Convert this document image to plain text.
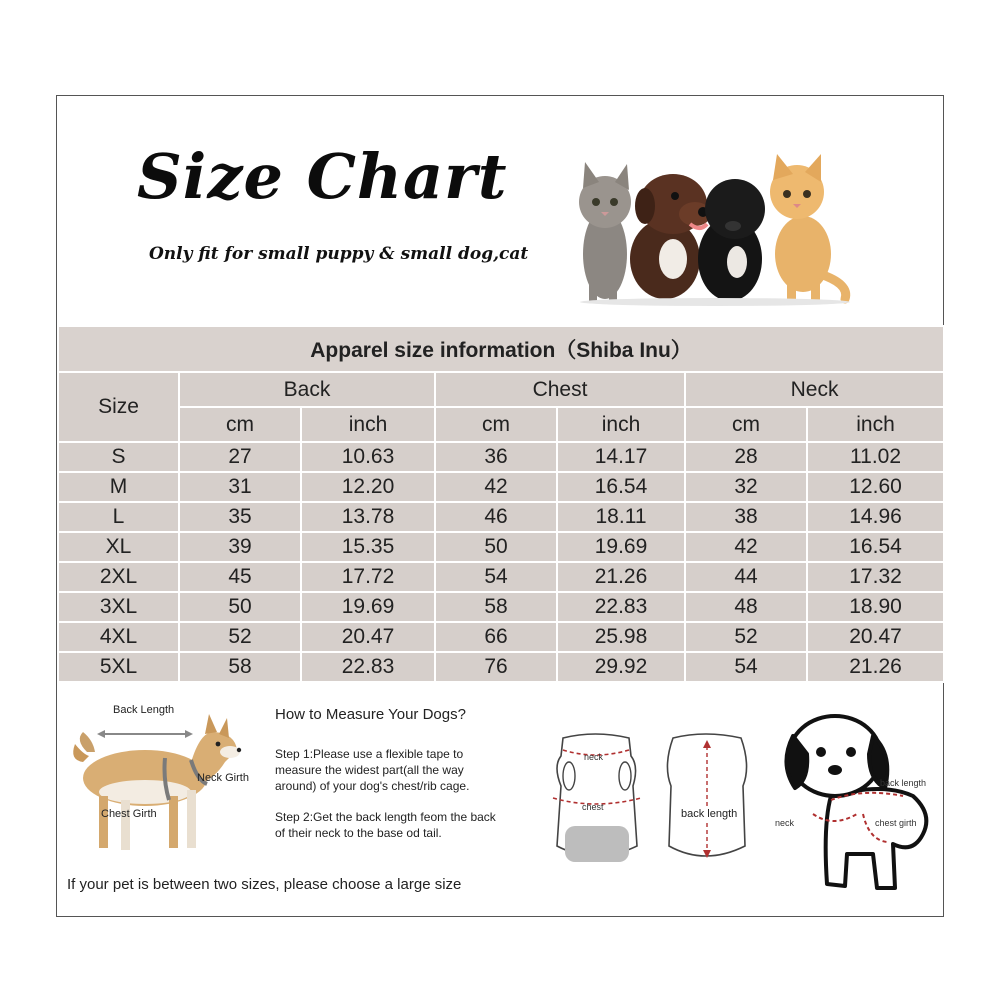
Size Chart
Only fit for small puppy & small dog,cat
Apparel size information（Shiba Inu）						
Size	Back		Chest		Neck	
	cm	inch	cm	inch	cm	inch
S	27	10.63	36	14.17	28	11.02
M	31	12.20	42	16.54	32	12.60
L	35	13.78	46	18.11	38	14.96
XL	39	15.35	50	19.69	42	16.54
2XL	45	17.72	54	21.26	44	17.32
3XL	50	19.69	58	22.83	48	18.90
4XL	52	20.47	66	25.98	52	20.47
5XL	58	22.83	76	29.92	54	21.26
Back Length
Neck Girth
Chest Girth
How to Measure Your Dogs?
Step 1:Please use a flexible tape to measure the widest part(all the way around) of your dog's chest/rib cage.
Step 2:Get the back length feom the back of their neck to the base od tail.
neck
chest
back length
back length
neck	chest girth
If your pet is between two sizes, please choose a large size
